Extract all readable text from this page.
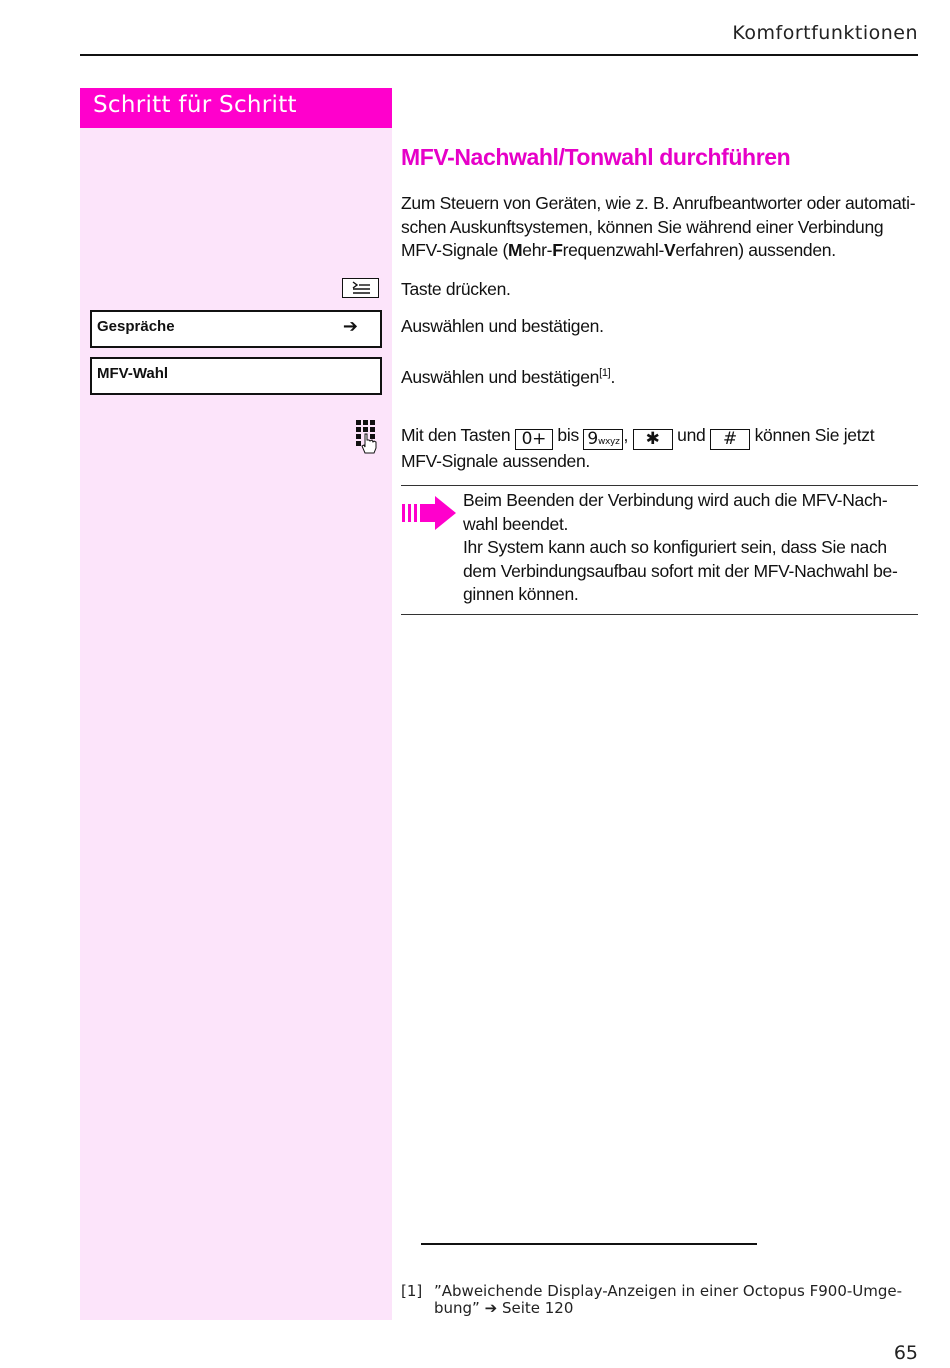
Komfortfunktionen
Schritt für Schritt
Gespräche	➔
MFV-Wahl
MFV-Nachwahl/Tonwahl durchführen
Zum Steuern von Geräten, wie z. B. Anrufbeantworter oder automati-
schen Auskunftsystemen, können Sie während einer Verbindung
MFV-Signale (Mehr-Frequenzwahl-Verfahren) aussenden.
Taste drücken.
Auswählen und bestätigen.
Auswählen und bestätigen[1].
Mit den Tasten 0+ bis 9wxyz , ✱ und # können Sie jetzt
MFV-Signale aussenden.
Beim Beenden der Verbindung wird auch die MFV-Nach-
wahl beendet.
Ihr System kann auch so konfiguriert sein, dass Sie nach
dem Verbindungsaufbau sofort mit der MFV-Nachwahl be-
ginnen können.
[1] ”Abweichende Display-Anzeigen in einer Octopus F900-Umge-
bung” ➔ Seite 120
65
